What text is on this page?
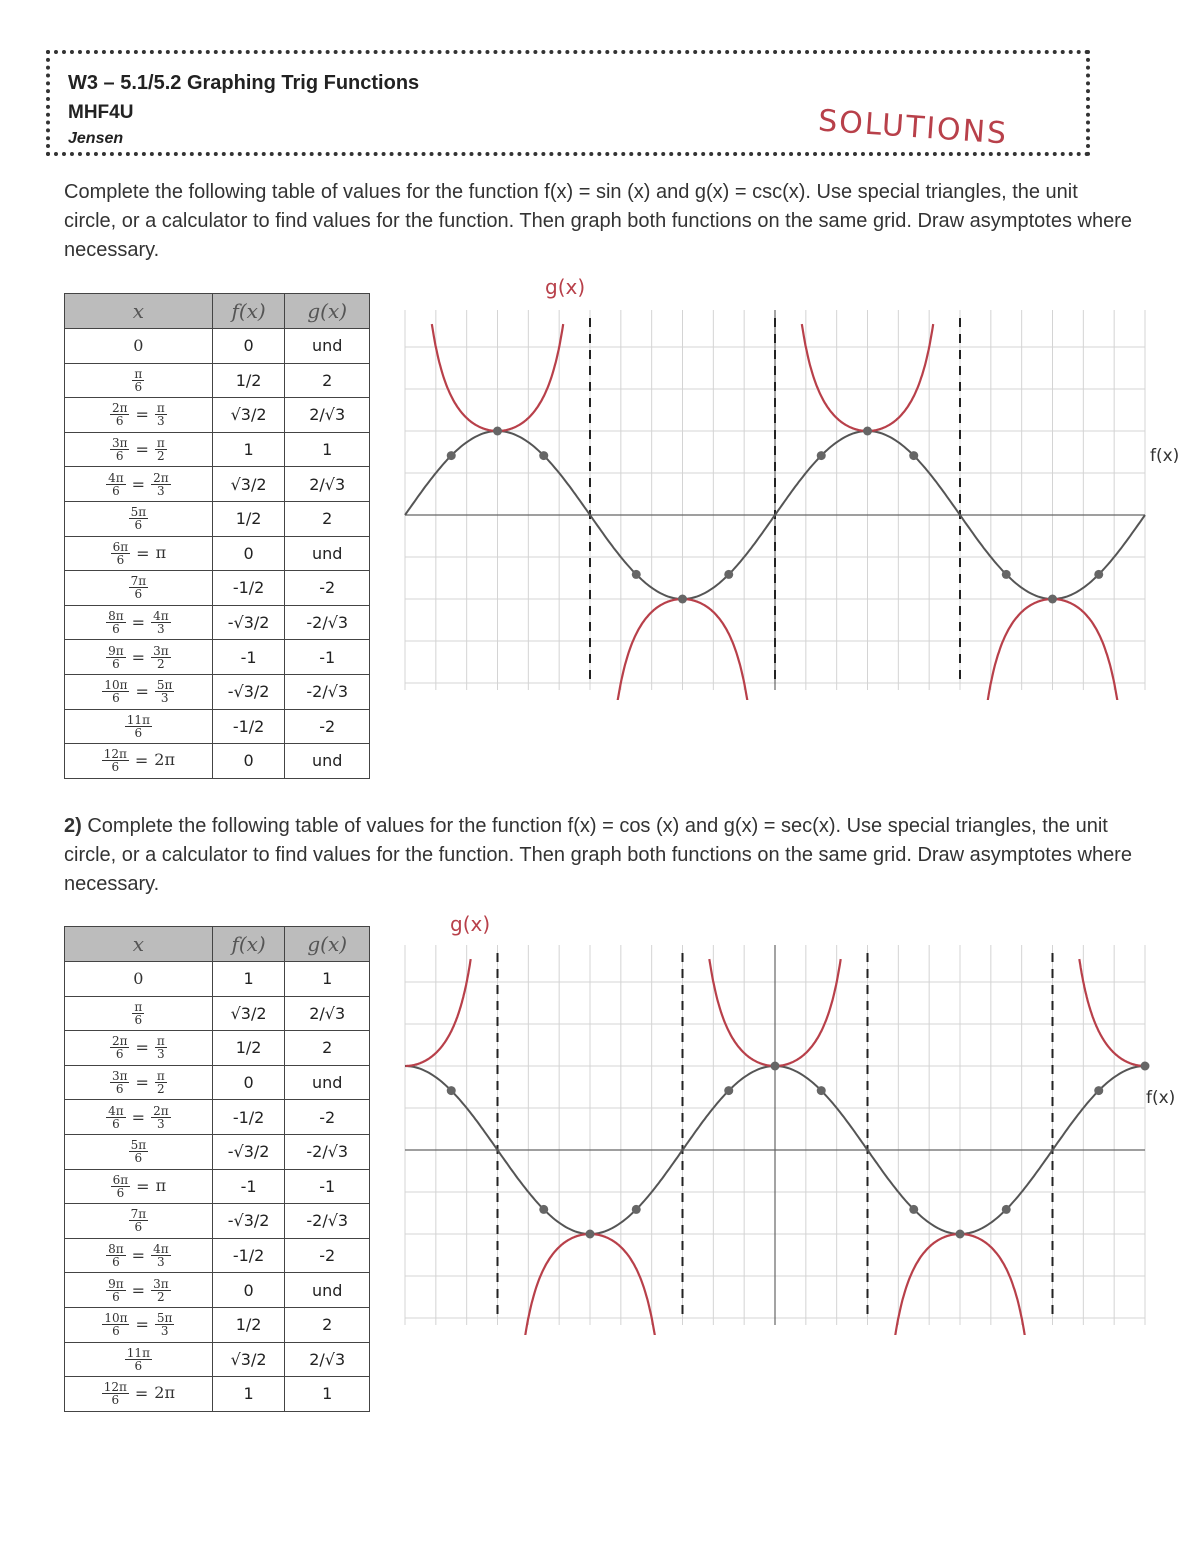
W3 – 5.1/5.2 Graphing Trig Functions
MHF4U
Jensen	SOLUTIONS
Complete the following table of values for the function f(x) = sin (x) and g(x) = csc(x). Use special triangles, the unit circle, or a calculator to find values for the function. Then graph both functions on the same grid. Draw asymptotes where necessary.
x	f(x)	g(x)
0	0	und

$\frac{\pi}{6}$	1/2	2

$\frac{2\pi}{6} = \frac{\pi}{3}$	√3/2	2/√3

$\frac{3\pi}{6} = \frac{\pi}{2}$	1	1

$\frac{4\pi}{6} = \frac{2\pi}{3}$	√3/2	2/√3

$\frac{5\pi}{6}$	1/2	2

$\frac{6\pi}{6} = \pi$	0	und

$\frac{7\pi}{6}$	-1/2	-2

$\frac{8\pi}{6} = \frac{4\pi}{3}$	-√3/2	-2/√3

$\frac{9\pi}{6} = \frac{3\pi}{2}$	-1	-1

$\frac{10\pi}{6} = \frac{5\pi}{3}$	-√3/2	-2/√3

$\frac{11\pi}{6}$	-1/2	-2

$\frac{12\pi}{6} = 2\pi$	0	und
g(x)
f(x)
2) Complete the following table of values for the function f(x) = cos (x) and g(x) = sec(x). Use special triangles, the unit circle, or a calculator to find values for the function. Then graph both functions on the same grid. Draw asymptotes where necessary.
x	f(x)	g(x)
0	1	1

$\frac{\pi}{6}$	√3/2	2/√3

$\frac{2\pi}{6} = \frac{\pi}{3}$	1/2	2

$\frac{3\pi}{6} = \frac{\pi}{2}$	0	und

$\frac{4\pi}{6} = \frac{2\pi}{3}$	-1/2	-2

$\frac{5\pi}{6}$	-√3/2	-2/√3

$\frac{6\pi}{6} = \pi$	-1	-1

$\frac{7\pi}{6}$	-√3/2	-2/√3

$\frac{8\pi}{6} = \frac{4\pi}{3}$	-1/2	-2

$\frac{9\pi}{6} = \frac{3\pi}{2}$	0	und

$\frac{10\pi}{6} = \frac{5\pi}{3}$	1/2	2

$\frac{11\pi}{6}$	√3/2	2/√3

$\frac{12\pi}{6} = 2\pi$	1	1
g(x)
f(x)
